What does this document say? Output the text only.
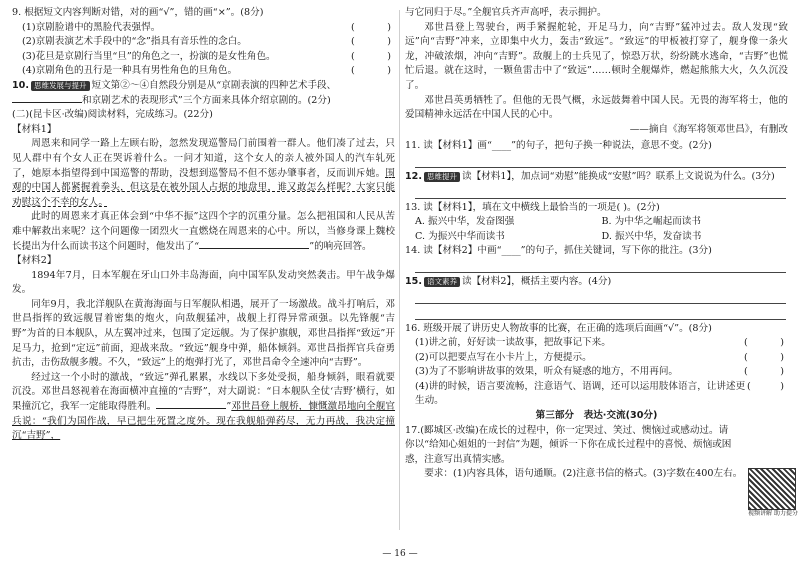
9. 根据短文内容判断对错，对的画“√”，错的画“×”。(8分)

(1)京剧脸谱中的黑脸代表强悍。	(	)
(2)京剧表演艺术手段中的“念”指具有音乐性的念白。	(	)
(3)花旦是京剧行当里“旦”的角色之一，扮演的是女性角色。	(	)
(4)京剧角色的丑行是一种具有男性角色的旦角色。	(	)

10. 思维发展与提升 短文第②～④自然段分别是从“京剧表演的四种艺术手段、

和京剧艺术的表现形式”三个方面来具体介绍京剧的。(2分)

(二)(昆卡区·改编)阅读材料，完成练习。(22分)

【材料1】

周恩来和同学一路上左顾右盼，忽然发现巡警局门前围着一群人。他们凑了过去，只见人群中有个女人正在哭诉着什么。一问才知道，这个女人的亲人被外国人的汽车轧死了，她原本指望得到中国巡警的帮助，没想到巡警局不但不惩办肇事者，反而训斥她。围观的中国人都紧握着拳头，但这是在被外国人占据的地盘里，谁又敢怎么样呢？大家只能劝慰这个不幸的女人。

此时的周恩来才真正体会到“中华不振”这四个字的沉重分量。怎么把祖国和人民从苦难中解救出来呢？这个问题像一团烈火一直燃烧在周恩来的心中。所以，当修身课上魏校长提出为什么而读书这个问题时，他发出了“	”的响亮回答。

【材料2】

1894年7月，日本军舰在牙山口外丰岛海面，向中国军队发动突然袭击。甲午战争爆发。

同年9月，我北洋舰队在黄海海面与日军舰队相遇，展开了一场激战。战斗打响后，邓世昌指挥的致远舰冒着密集的炮火，向敌舰猛冲，战舰上打得异常顽强。以先锋舰“吉野”为首的日本舰队，从左翼冲过来，包围了定远舰。为了保护旗舰，邓世昌指挥“致远”开足马力，抢到“定远”前面，迎战来敌。“致远”舰身中弹，船体倾斜。邓世昌指挥官兵奋勇抗击，击伤敌舰多艘。不久，“致远”上的炮弹打光了，邓世昌命令全速冲向“吉野”。

经过这一个小时的激战，“致远”弹孔累累，水线以下多处受损，船身倾斜，眼看就要沉没。邓世昌怒视着在海面横冲直撞的“吉野”，对大副说：“日本舰队全仗‘吉野’横行，如果撞沉它，我军一定能取得胜利。	”邓世昌登上舰桥，慷慨激昂地向全舰官兵说：“我们为国作战，早已把生死置之度外。现在我舰船弹药尽，无力再战，我决定撞沉“吉野”，

与它同归于尽。”全舰官兵齐声高呼，表示拥护。

邓世昌登上驾驶台，两手紧握舵轮，开足马力，向“吉野”猛冲过去。敌人发现“致远”向“吉野”冲来，立即集中火力，轰击“致远”。“致远”的甲板被打穿了，舰身像一条火龙，冲破浓烟，冲向“吉野”。敌舰上的士兵见了，惊恐万状，纷纷跳水逃命，“吉野”也慌忙后退。就在这时，一颗鱼雷击中了“致远”……顿时全舰爆炸，燃起熊熊大火，久久沉没了。

邓世昌英勇牺牲了。但他的无畏气概，永远鼓舞着中国人民。无畏的海军将士，他的爱国精神永远活在中国人民的心中。

——摘自《海军将领邓世昌》，有删改

11. 读【材料1】画“____”的句子，把句子换一种说法，意思不变。(2分)

12. 思维提升 读【材料1】，加点词“劝慰”能换成“安慰”吗？联系上文说说为什么。(3分)

13. 读【材料1】，填在文中横线上最恰当的一项是( )。(2分)

A. 振兴中华，发奋图强	B. 为中华之崛起而读书
C. 为振兴中华而读书	D. 振兴中华，发奋读书

14. 读【材料2】中画“____”的句子，抓住关键词，写下你的批注。(3分)

15. 语文素养 读【材料2】，概括主要内容。(4分)

16. 班级开展了讲历史人物故事的比赛，在正确的选项后面画“√”。(8分)

(1)讲之前，好好读一读故事，把故事记下来。	(	)
(2)可以把要点写在小卡片上，方便提示。	(	)
(3)为了不影响讲故事的效果，听众有疑惑的地方，不用再问。	(	)
(4)讲的时候，语言要流畅，注意语气、语调，还可以运用肢体语言，让讲述更生动。
(	)

第三部分　表达·交流(30分)

17.(郾城区·改编)在成长的过程中，你一定哭过、笑过、懊恼过或感动过。请你以“给知心姐姐的一封信”为题，倾诉一下你在成长过程中的喜悦、烦恼或困惑，注意写出真情实感。

要求：(1)内容具体，语句通顺。(2)注意书信的格式。(3)字数在400左右。

视频讲解 助力提分
— 16 —
